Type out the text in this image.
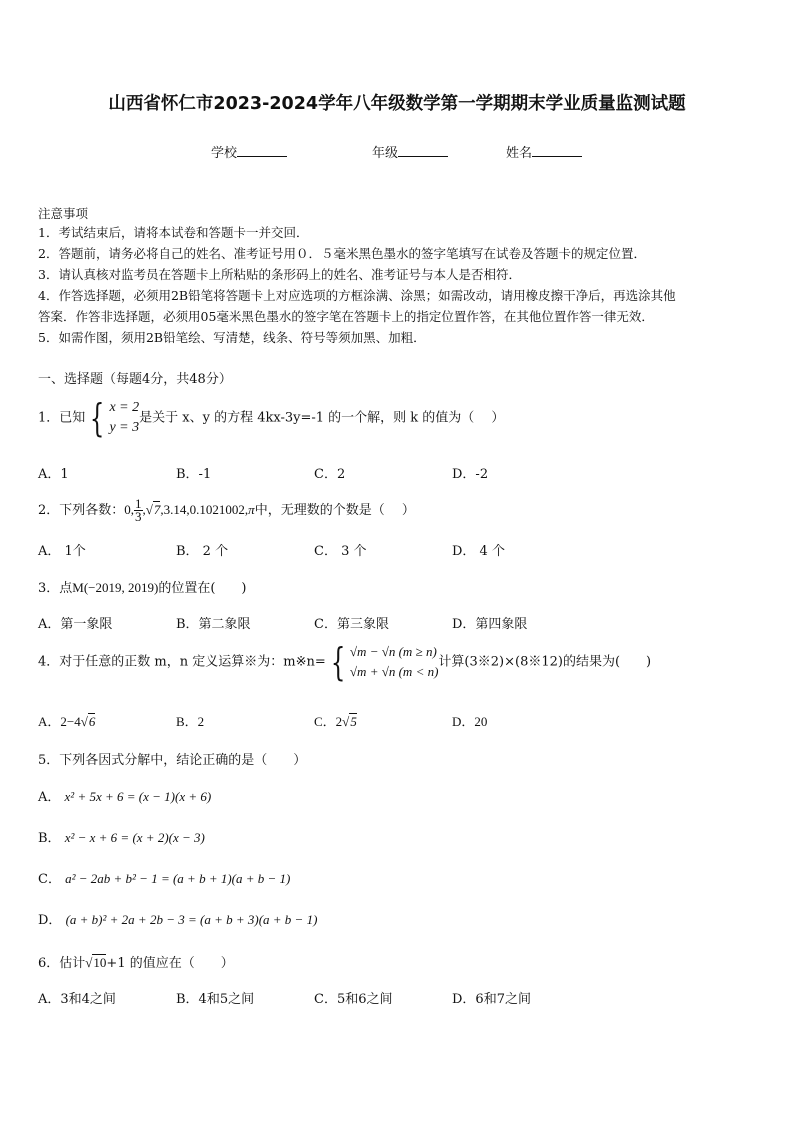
山西省怀仁市2023-2024学年八年级数学第一学期期末学业质量监测试题
学校	年级	姓名
注意事项
1．考试结束后，请将本试卷和答题卡一并交回．
2．答题前，请务必将自己的姓名、准考证号用０．５毫米黑色墨水的签字笔填写在试卷及答题卡的规定位置．
3．请认真核对监考员在答题卡上所粘贴的条形码上的姓名、准考证号与本人是否相符．
4．作答选择题，必须用2B铅笔将答题卡上对应选项的方框涂满、涂黑；如需改动，请用橡皮擦干净后，再选涂其他
答案．作答非选择题，必须用05毫米黑色墨水的签字笔在答题卡上的指定位置作答，在其他位置作答一律无效．
5．如需作图，须用2B铅笔绘、写清楚，线条、符号等须加黑、加粗．
一、选择题（每题4分，共48分）
1．已知 { x = 2
y = 3
是关于 x、y 的方程 4kx-3y=-1 的一个解，则 k 的值为（　 ）
A．1	B．-1	C．2	D．-2
2．下列各数：0, $\frac{1}{3} ,√7,3.14,0.1021002,\pi$中，无理数的个数是（　 ）
A． 1个	B． 2 个	C． 3 个	D． 4 个
3．点M(−2019, 2019)的位置在(　　)
A．第一象限	B．第二象限	C．第三象限	D．第四象限
4．对于任意的正数 m，n 定义运算※为：m※n= { √m − √n (m ≥ n)
√m + √n (m < n)
计算(3※2)×(8※12)的结果为(　　)
A．2−4√6	B．2	C．2√5	D．20
5．下列各因式分解中，结论正确的是（　　）
A． x² + 5x + 6 = (x − 1)(x + 6)
B． x² − x + 6 = (x + 2)(x − 3)
C． a² − 2ab + b² − 1 = (a + b + 1)(a + b − 1)
D． (a + b)² + 2a + 2b − 3 = (a + b + 3)(a + b − 1)
6．估计√10+1 的值应在（　　）
A．3和4之间	B．4和5之间	C．5和6之间	D．6和7之间
